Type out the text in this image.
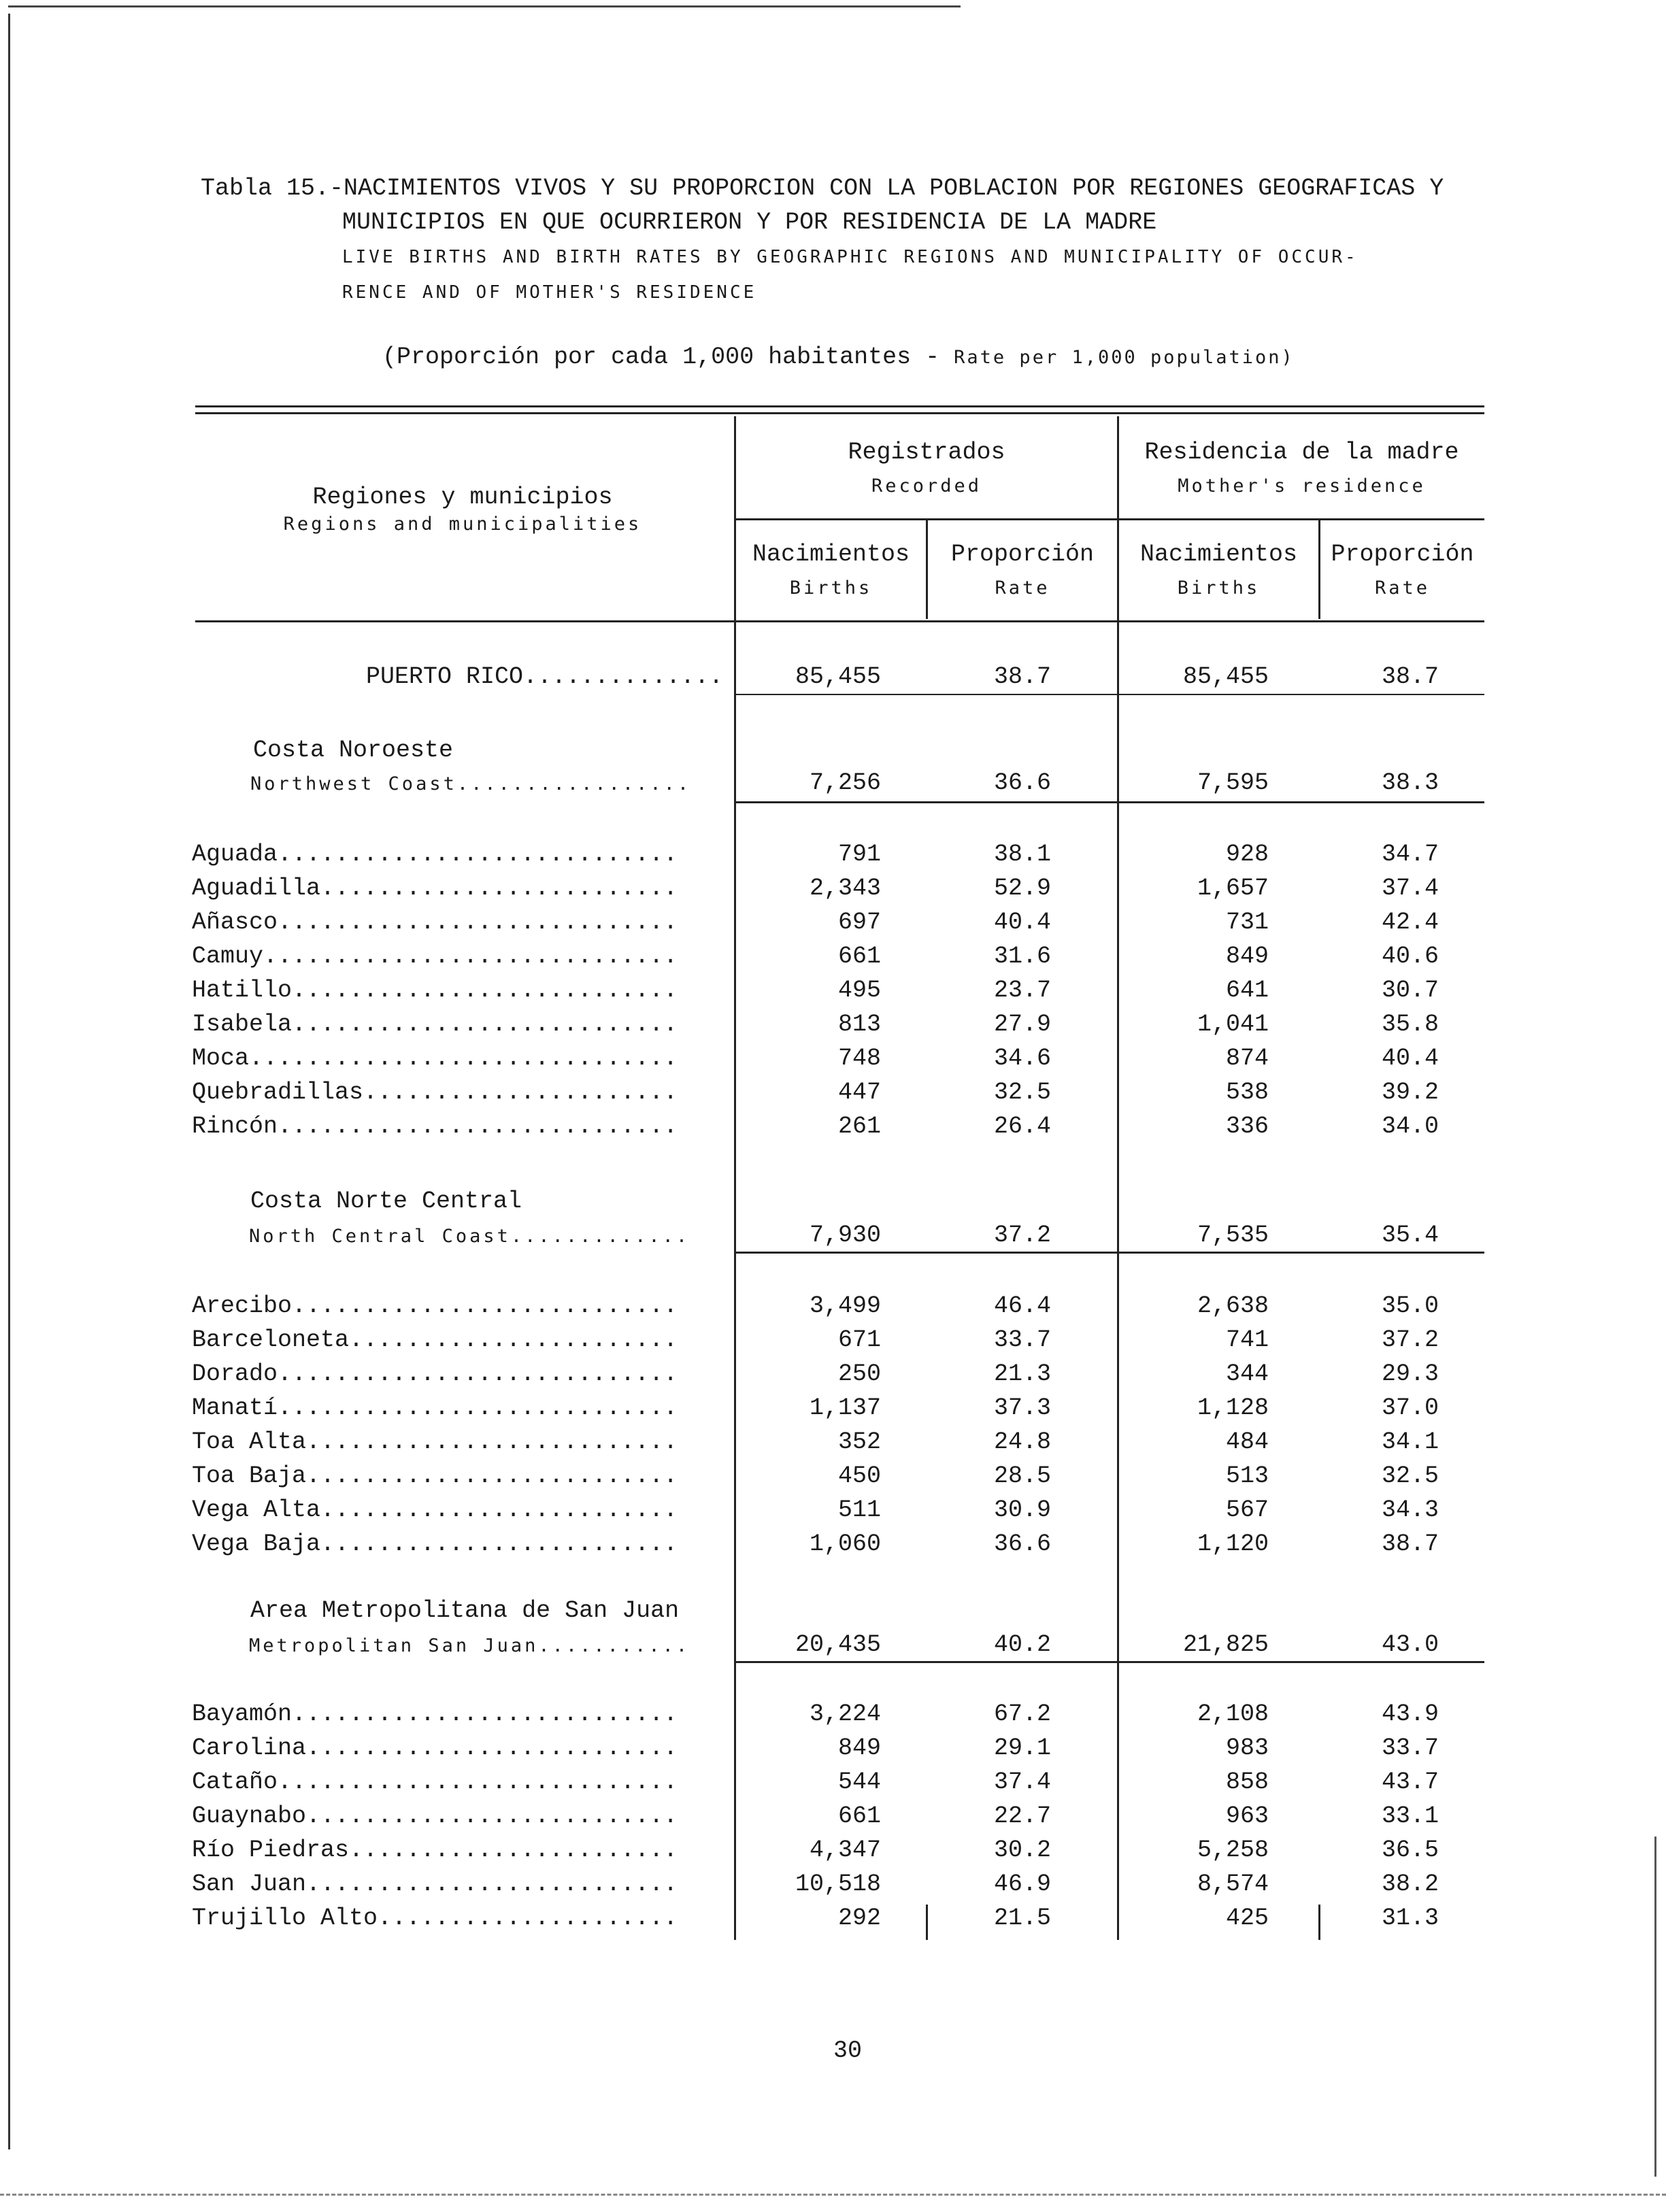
Tabla 15.-NACIMIENTOS VIVOS Y SU PROPORCION CON LA POBLACION POR REGIONES GEOGRAFICAS Y
MUNICIPIOS EN QUE OCURRIERON Y POR RESIDENCIA DE LA MADRE
LIVE BIRTHS AND BIRTH RATES BY GEOGRAPHIC REGIONS AND MUNICIPALITY OF OCCUR-
RENCE AND OF MOTHER'S RESIDENCE
(Proporción por cada 1,000 habitantes - Rate per 1,000 population)
Regiones y municipios
Regions and municipalities
Registrados
Recorded
Residencia de la madre
Mother's residence
Nacimientos
Births
Proporción
Rate
Nacimientos
Births
Proporción
Rate
PUERTO RICO..............	85,455	38.7	85,455	38.7
Costa Noroeste
Northwest Coast.................	7,256	36.6	7,595	38.3
Aguada............................	791	38.1	928	34.7
Aguadilla.........................	2,343	52.9	1,657	37.4
Añasco............................	697	40.4	731	42.4
Camuy.............................	661	31.6	849	40.6
Hatillo...........................	495	23.7	641	30.7
Isabela...........................	813	27.9	1,041	35.8
Moca..............................	748	34.6	874	40.4
Quebradillas......................	447	32.5	538	39.2
Rincón............................	261	26.4	336	34.0
Costa Norte Central
North Central Coast.............	7,930	37.2	7,535	35.4
Arecibo...........................	3,499	46.4	2,638	35.0
Barceloneta.......................	671	33.7	741	37.2
Dorado............................	250	21.3	344	29.3
Manatí............................	1,137	37.3	1,128	37.0
Toa Alta..........................	352	24.8	484	34.1
Toa Baja..........................	450	28.5	513	32.5
Vega Alta.........................	511	30.9	567	34.3
Vega Baja.........................	1,060	36.6	1,120	38.7
Area Metropolitana de San Juan
Metropolitan San Juan...........	20,435	40.2	21,825	43.0
Bayamón...........................	3,224	67.2	2,108	43.9
Carolina..........................	849	29.1	983	33.7
Cataño............................	544	37.4	858	43.7
Guaynabo..........................	661	22.7	963	33.1
Río Piedras.......................	4,347	30.2	5,258	36.5
San Juan..........................	10,518	46.9	8,574	38.2
Trujillo Alto.....................	292	21.5	425	31.3
30
